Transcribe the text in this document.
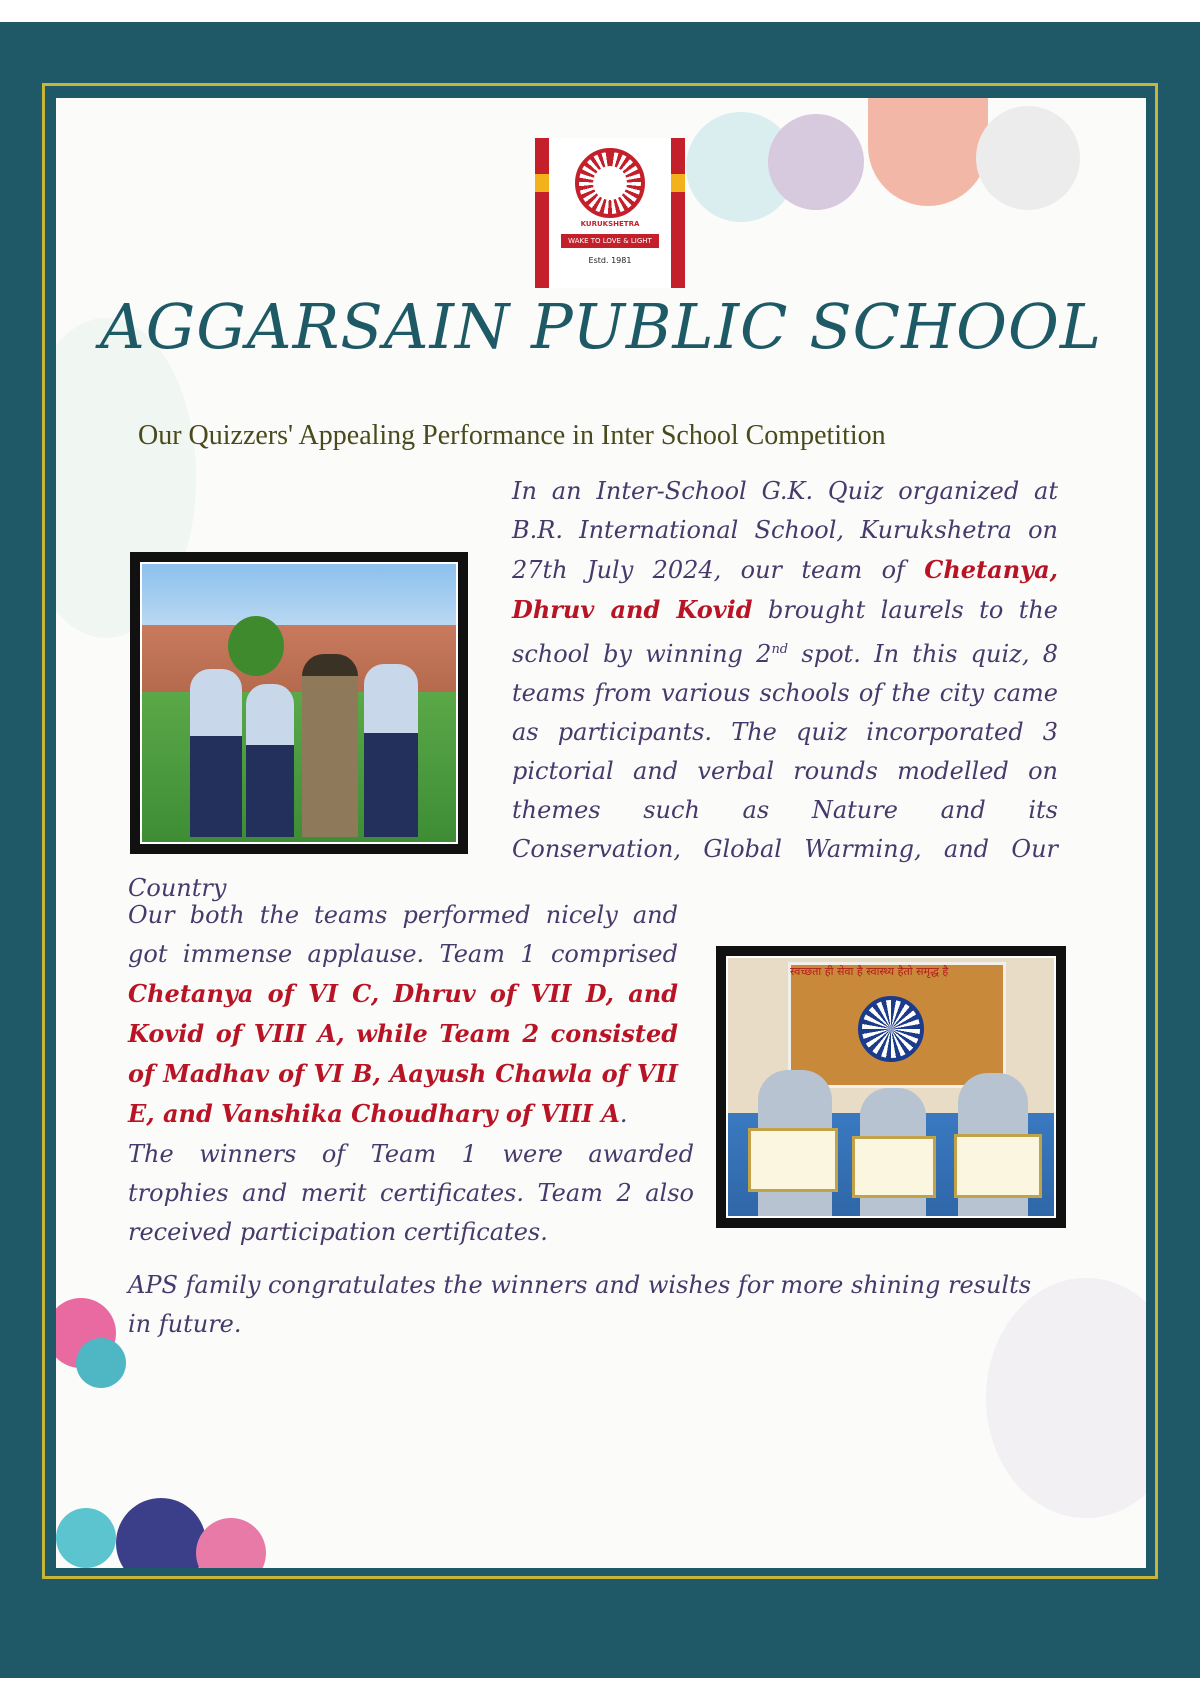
KURUKSHETRA
WAKE TO LOVE & LIGHT
Estd. 1981
AGGARSAIN PUBLIC SCHOOL
Our Quizzers' Appealing Performance in Inter School Competition

In an Inter-School G.K. Quiz organized at B.R. International School, Kurukshetra on 27th July 2024, our team of Chetanya, Dhruv and Kovid brought laurels to the school by winning 2nd spot. In this quiz, 8 teams from various schools of the city came as participants. The quiz incorporated 3 pictorial and verbal rounds modelled on themes such as Nature and its Conservation, Global Warming, and Our Country

Our both the teams performed nicely and got immense applause. Team 1 comprised Chetanya of VI C, Dhruv of VII D, and Kovid of VIII A, while Team 2 consisted of Madhav of VI B, Aayush Chawla of VII E, and Vanshika Choudhary of VIII A.

The winners of Team 1 were awarded trophies and merit certificates. Team 2 also received participation certificates.

स्वच्छता ही सेवा है स्वास्थ्य हैतो समृद्ध है

APS family congratulates the winners and wishes for more shining results in future.
